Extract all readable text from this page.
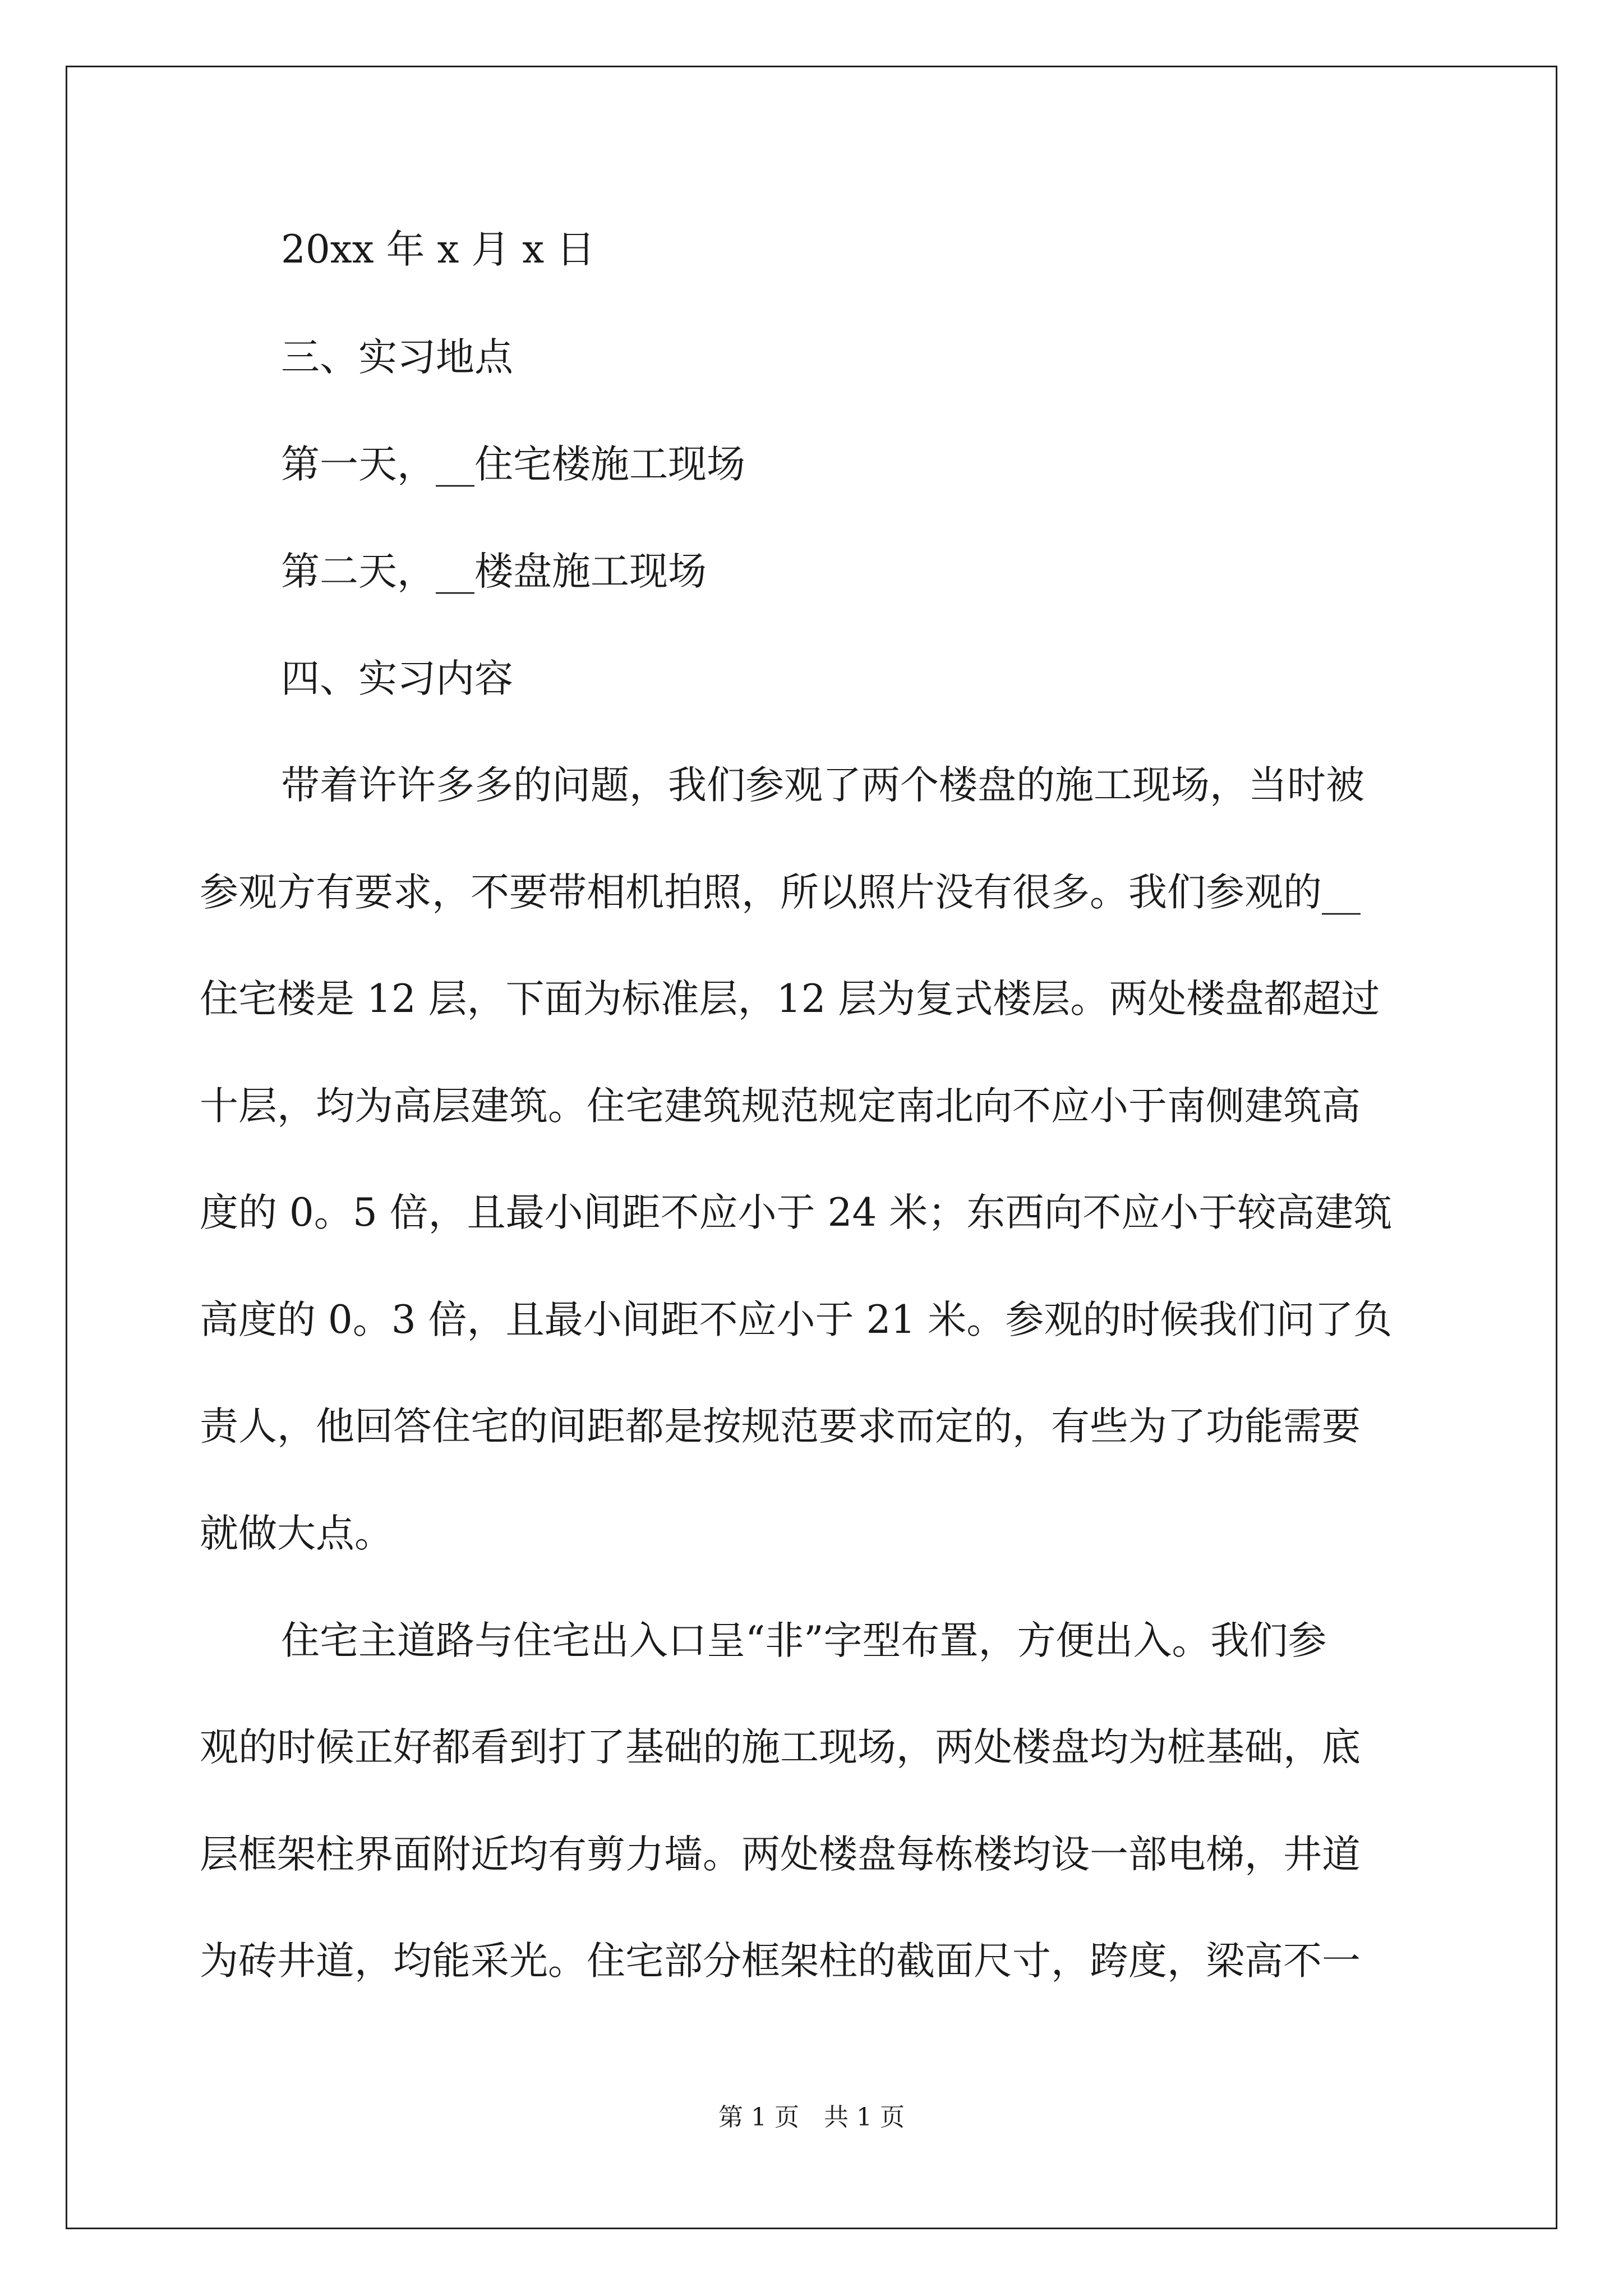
20xx 年 x 月 x 日
三、实习地点
第一天，__住宅楼施工现场
第二天，__楼盘施工现场
四、实习内容
带着许许多多的问题，我们参观了两个楼盘的施工现场，当时被
参观方有要求，不要带相机拍照，所以照片没有很多。我们参观的__
住宅楼是 12 层，下面为标准层，12 层为复式楼层。两处楼盘都超过
十层，均为高层建筑。住宅建筑规范规定南北向不应小于南侧建筑高
度的 0。5 倍，且最小间距不应小于 24 米；东西向不应小于较高建筑
高度的 0。3 倍，且最小间距不应小于 21 米。参观的时候我们问了负
责人，他回答住宅的间距都是按规范要求而定的，有些为了功能需要
就做大点。
住宅主道路与住宅出入口呈“非”字型布置，方便出入。我们参
观的时候正好都看到打了基础的施工现场，两处楼盘均为桩基础，底
层框架柱界面附近均有剪力墙。两处楼盘每栋楼均设一部电梯，井道
为砖井道，均能采光。住宅部分框架柱的截面尺寸，跨度，梁高不一
第 1 页　共 1 页
